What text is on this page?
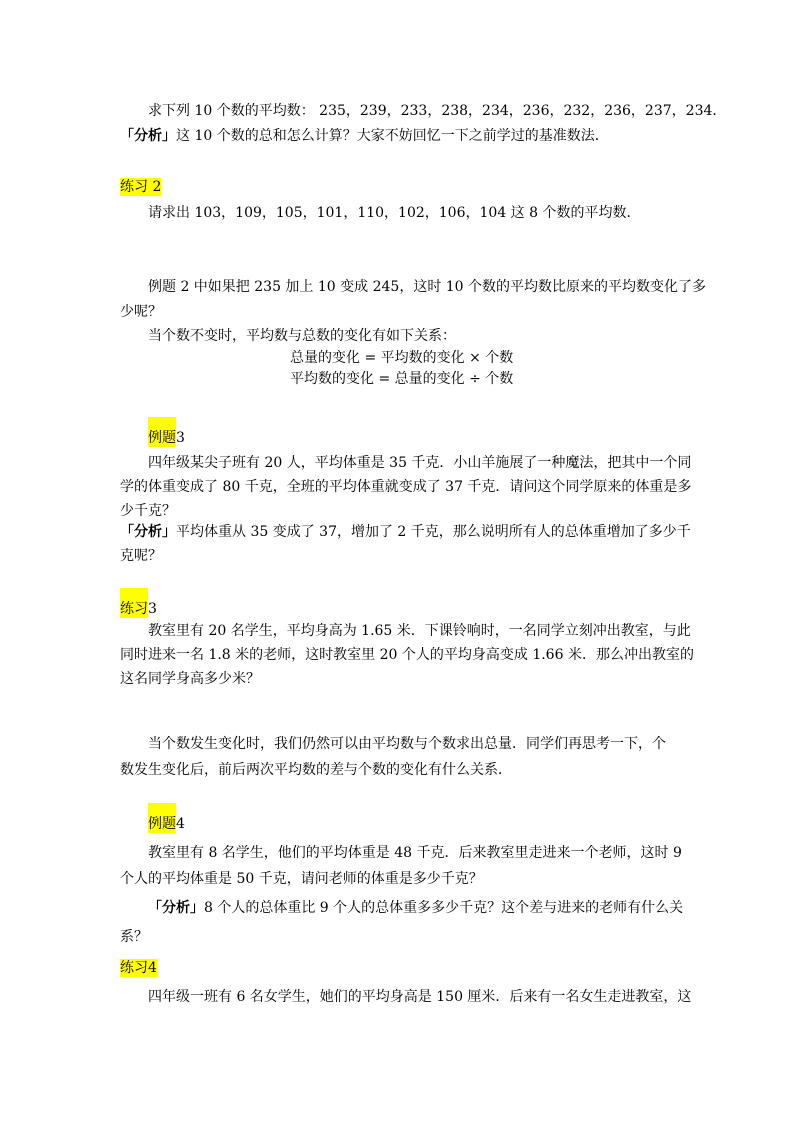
求下列 10 个数的平均数： 235，239，233，238，234，236，232，236，237，234．
「分析」这 10 个数的总和怎么计算？大家不妨回忆一下之前学过的基准数法．
练习 2
请求出 103，109，105，101，110，102，106，104 这 8 个数的平均数．
例题 2 中如果把 235 加上 10 变成 245，这时 10 个数的平均数比原来的平均数变化了多
少呢？
当个数不变时，平均数与总数的变化有如下关系：
总量的变化 = 平均数的变化 × 个数
平均数的变化 = 总量的变化 ÷ 个数
例题3
四年级某尖子班有 20 人，平均体重是 35 千克．小山羊施展了一种魔法，把其中一个同
学的体重变成了 80 千克，全班的平均体重就变成了 37 千克．请问这个同学原来的体重是多
少千克？
「分析」平均体重从 35 变成了 37，增加了 2 千克，那么说明所有人的总体重增加了多少千
克呢？
练习3
教室里有 20 名学生，平均身高为 1.65 米．下课铃响时，一名同学立刻冲出教室，与此
同时进来一名 1.8 米的老师，这时教室里 20 个人的平均身高变成 1.66 米．那么冲出教室的
这名同学身高多少米？
当个数发生变化时，我们仍然可以由平均数与个数求出总量．同学们再思考一下，个
数发生变化后，前后两次平均数的差与个数的变化有什么关系．
例题4
教室里有 8 名学生，他们的平均体重是 48 千克．后来教室里走进来一个老师，这时 9
个人的平均体重是 50 千克，请问老师的体重是多少千克？
「分析」8 个人的总体重比 9 个人的总体重多多少千克？这个差与进来的老师有什么关
系？
练习4
四年级一班有 6 名女学生，她们的平均身高是 150 厘米．后来有一名女生走进教室，这
